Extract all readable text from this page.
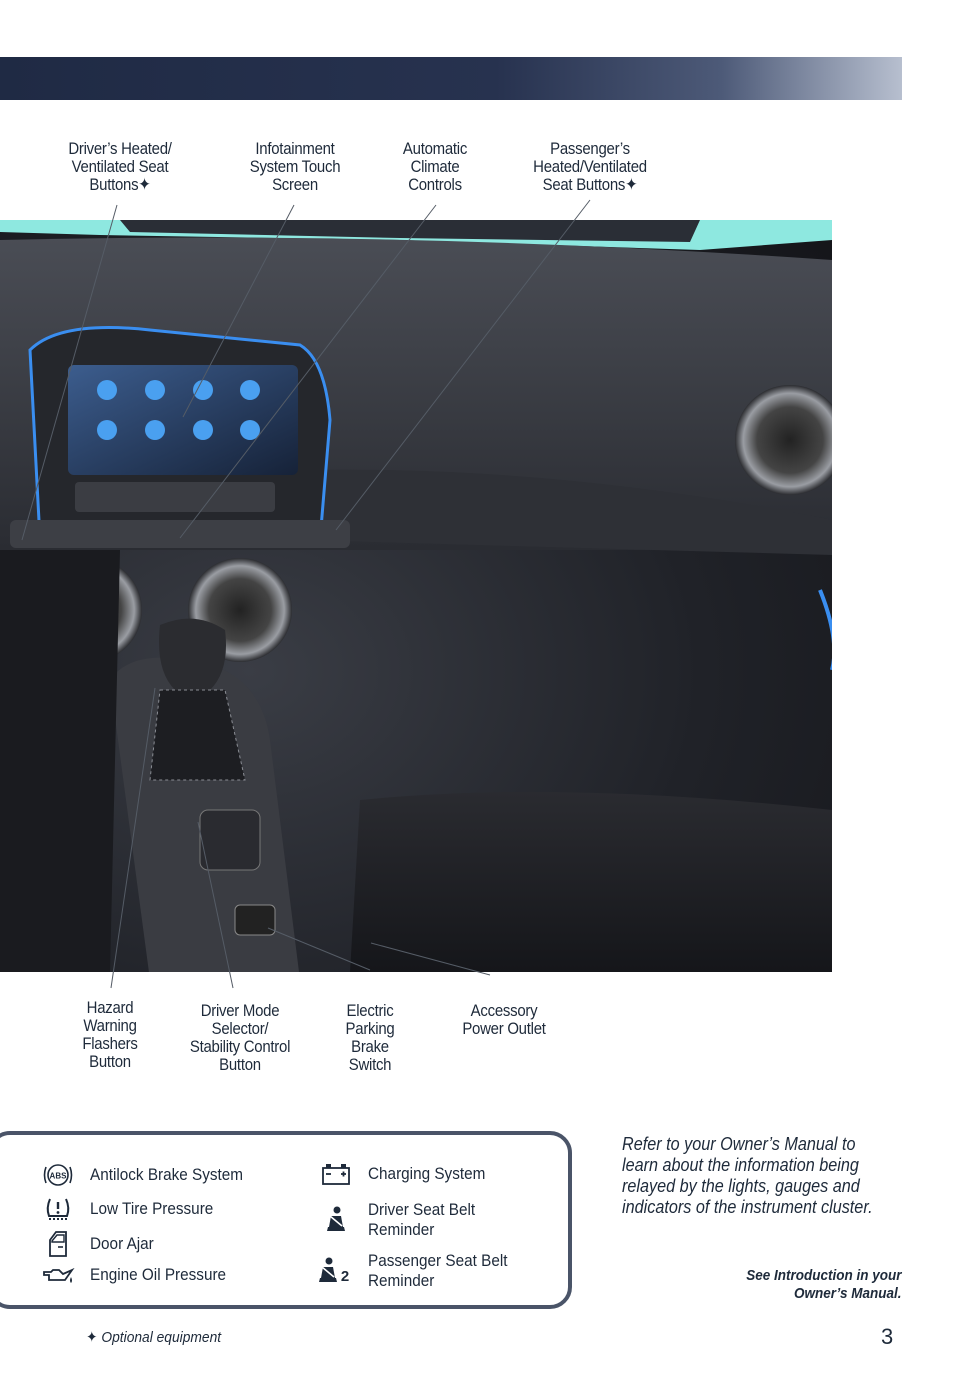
Driver’s Heated/
Ventilated Seat
Buttons✦
Infotainment
System Touch
Screen
Automatic
Climate
Controls
Passenger’s
Heated/Ventilated
Seat Buttons✦
Hazard
Warning
Flashers
Button
Driver Mode
Selector/
Stability Control
Button
Electric
Parking
Brake
Switch
Accessory
Power Outlet
ABS Antilock Brake System
Low Tire Pressure
Door Ajar
Engine Oil Pressure
Charging System
Driver Seat Belt
Reminder
2
Passenger Seat Belt
Reminder
Refer to your Owner’s Manual to learn about the information being relayed by the lights, gauges and indicators of the instrument cluster.
See Introduction in your
Owner’s Manual.
✦ Optional equipment	3
